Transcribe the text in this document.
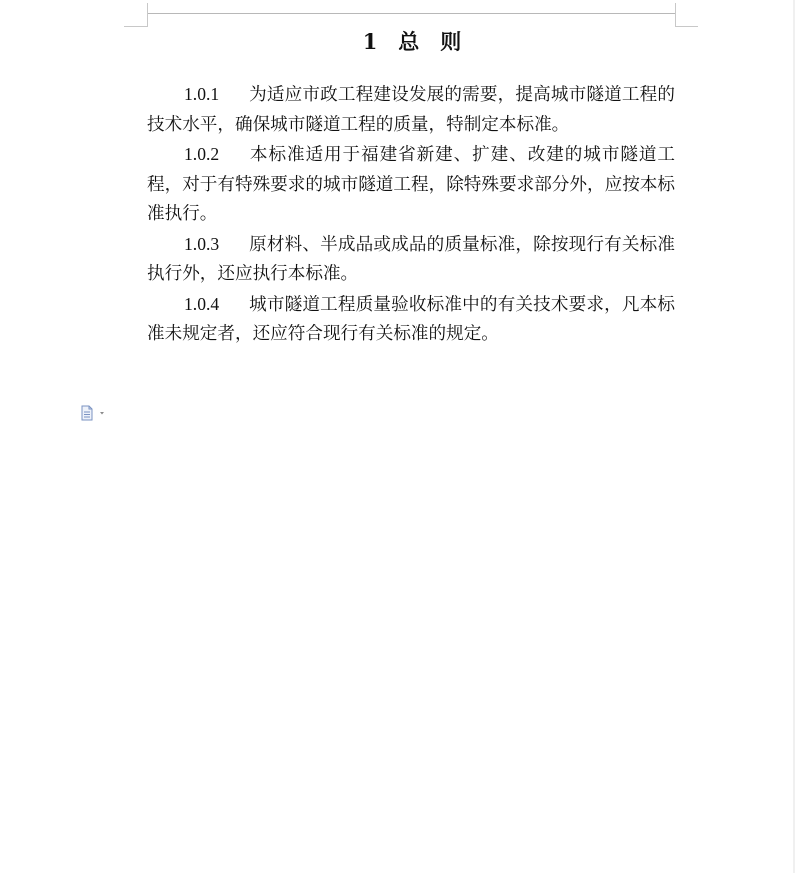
1　总　则

1.0.1 为适应市政工程建设发展的需要，提高城市隧道工程的技术水平，确保城市隧道工程的质量，特制定本标准。

1.0.2 本标准适用于福建省新建、扩建、改建的城市隧道工程，对于有特殊要求的城市隧道工程，除特殊要求部分外，应按本标准执行。

1.0.3 原材料、半成品或成品的质量标准，除按现行有关标准执行外，还应执行本标准。

1.0.4 城市隧道工程质量验收标准中的有关技术要求，凡本标准未规定者，还应符合现行有关标准的规定。
